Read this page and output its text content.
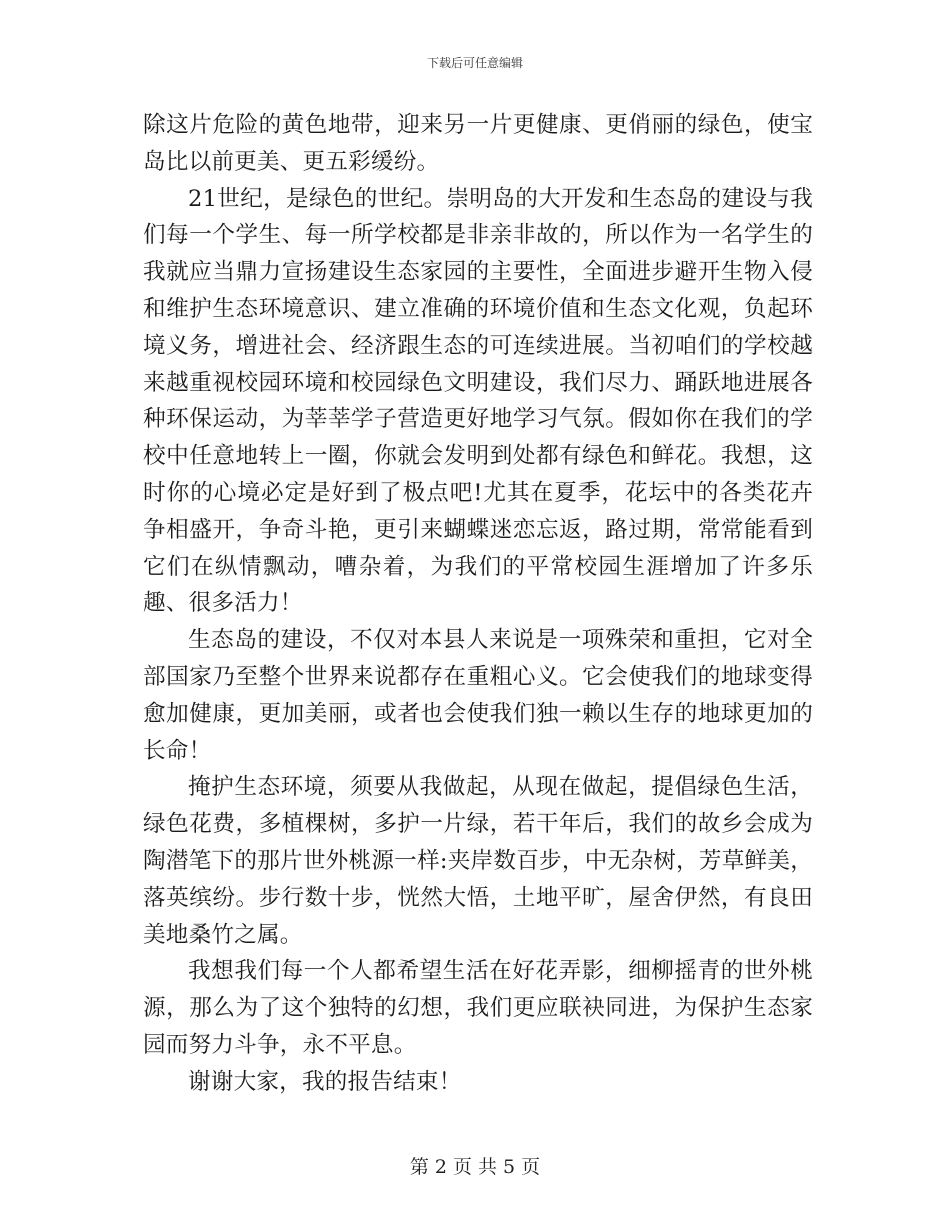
下载后可任意编辑

除这片危险的黄色地带，迎来另一片更健康、更俏丽的绿色，使宝岛比以前更美、更五彩缓纷。

21世纪，是绿色的世纪。崇明岛的大开发和生态岛的建设与我们每一个学生、每一所学校都是非亲非故的，所以作为一名学生的我就应当鼎力宣扬建设生态家园的主要性，全面进步避开生物入侵和维护生态环境意识、建立准确的环境价值和生态文化观，负起环境义务，增进社会、经济跟生态的可连续进展。当初咱们的学校越来越重视校园环境和校园绿色文明建设，我们尽力、踊跃地进展各种环保运动，为莘莘学子营造更好地学习气氛。假如你在我们的学校中任意地转上一圈，你就会发明到处都有绿色和鲜花。我想，这时你的心境必定是好到了极点吧!尤其在夏季，花坛中的各类花卉争相盛开，争奇斗艳，更引来蝴蝶迷恋忘返，路过期，常常能看到它们在纵情飘动，嘈杂着，为我们的平常校园生涯增加了许多乐趣、很多活力！

生态岛的建设，不仅对本县人来说是一项殊荣和重担，它对全部国家乃至整个世界来说都存在重粗心义。它会使我们的地球变得愈加健康，更加美丽，或者也会使我们独一赖以生存的地球更加的长命！

掩护生态环境，须要从我做起，从现在做起，提倡绿色生活，绿色花费，多植棵树，多护一片绿，若干年后，我们的故乡会成为陶潜笔下的那片世外桃源一样:夹岸数百步，中无杂树，芳草鲜美，落英缤纷。步行数十步，恍然大悟，土地平旷，屋舍伊然，有良田美地桑竹之属。

我想我们每一个人都希望生活在好花弄影，细柳摇青的世外桃源，那么为了这个独特的幻想，我们更应联袂同进，为保护生态家园而努力斗争，永不平息。

谢谢大家，我的报告结束！

第 2 页 共 5 页
